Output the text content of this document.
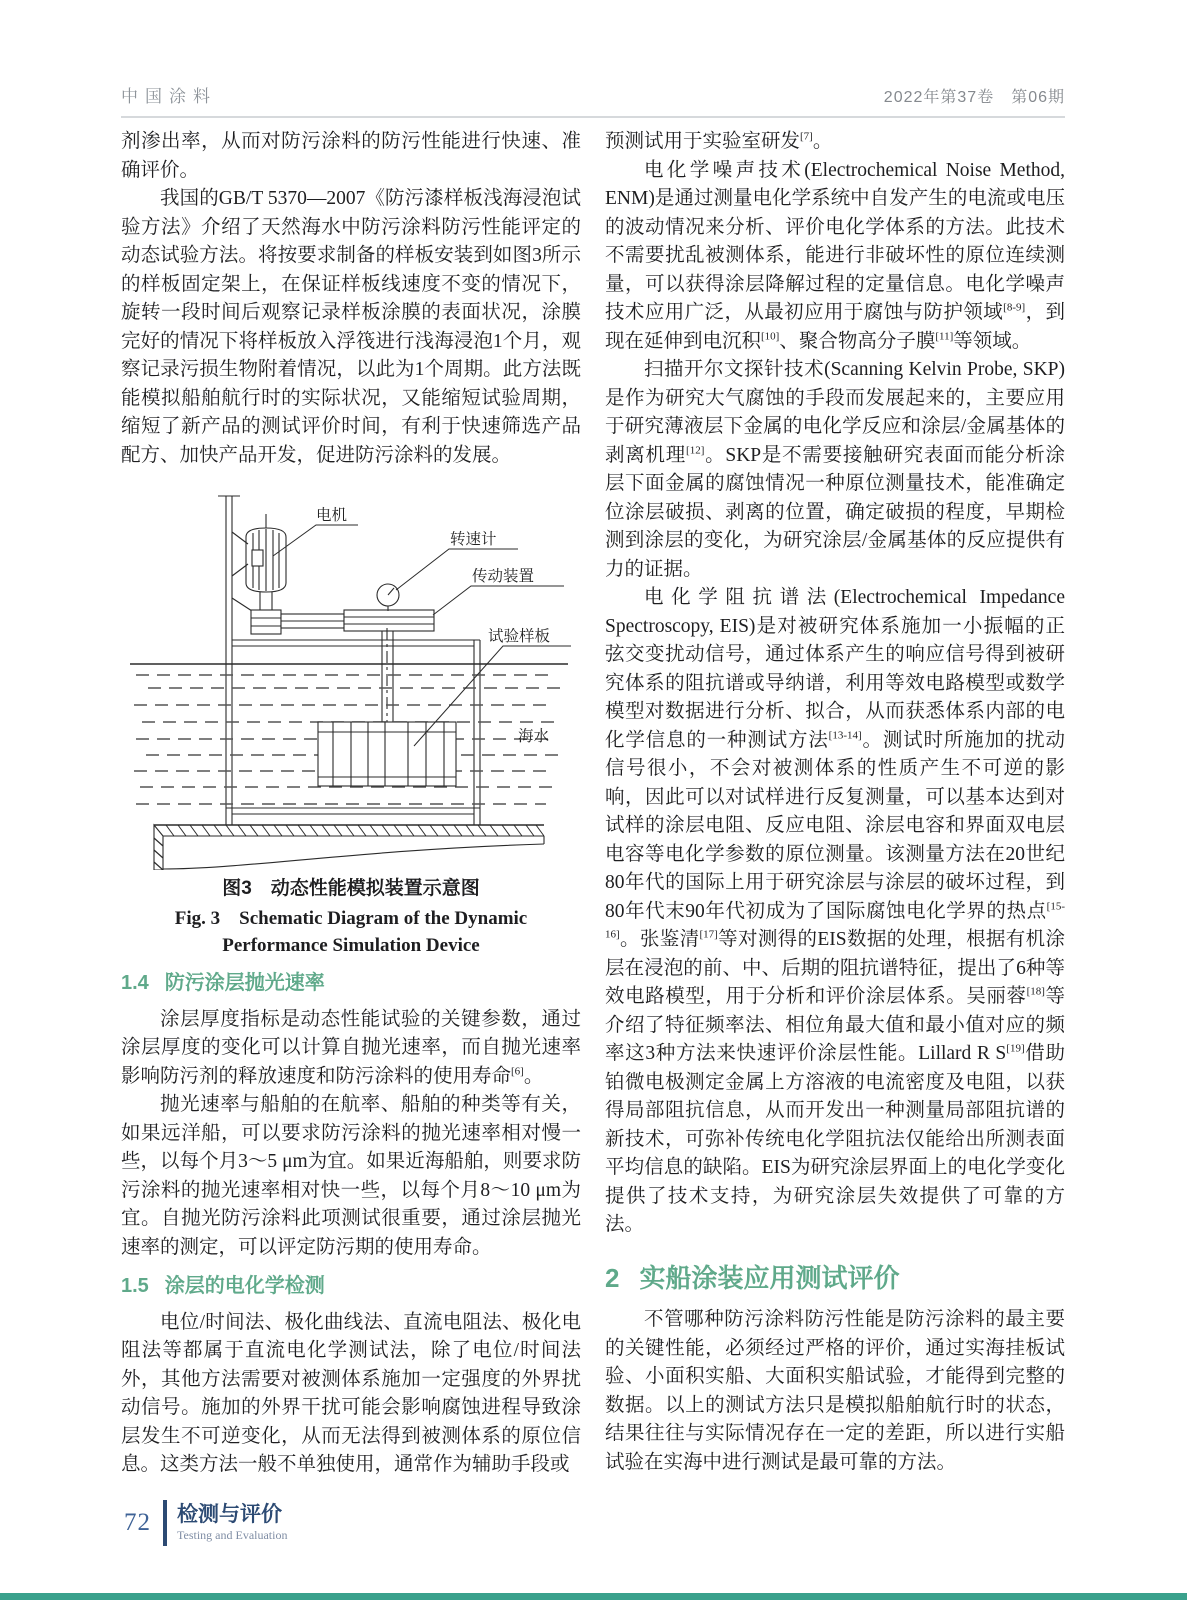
中国涂料	2022年第37卷　第06期

剂渗出率，从而对防污涂料的防污性能进行快速、准确评价。

我国的GB/T 5370—2007《防污漆样板浅海浸泡试验方法》介绍了天然海水中防污涂料防污性能评定的动态试验方法。将按要求制备的样板安装到如图3所示的样板固定架上，在保证样板线速度不变的情况下，旋转一段时间后观察记录样板涂膜的表面状况，涂膜完好的情况下将样板放入浮筏进行浅海浸泡1个月，观察记录污损生物附着情况，以此为1个周期。此方法既能模拟船舶航行时的实际状况，又能缩短试验周期，缩短了新产品的测试评价时间，有利于快速筛选产品配方、加快产品开发，促进防污涂料的发展。

电机
转速计
传动装置
试验样板
海水
图3　动态性能模拟装置示意图
Fig. 3　Schematic Diagram of the Dynamic Performance Simulation Device
1.4 防污涂层抛光速率

涂层厚度指标是动态性能试验的关键参数，通过涂层厚度的变化可以计算自抛光速率，而自抛光速率影响防污剂的释放速度和防污涂料的使用寿命[6]。

抛光速率与船舶的在航率、船舶的种类等有关，如果远洋船，可以要求防污涂料的抛光速率相对慢一些，以每个月3～5 μm为宜。如果近海船舶，则要求防污涂料的抛光速率相对快一些，以每个月8～10 μm为宜。自抛光防污涂料此项测试很重要，通过涂层抛光速率的测定，可以评定防污期的使用寿命。

1.5 涂层的电化学检测

电位/时间法、极化曲线法、直流电阻法、极化电阻法等都属于直流电化学测试法，除了电位/时间法外，其他方法需要对被测体系施加一定强度的外界扰动信号。施加的外界干扰可能会影响腐蚀进程导致涂层发生不可逆变化，从而无法得到被测体系的原位信息。这类方法一般不单独使用，通常作为辅助手段或

预测试用于实验室研发[7]。

电化学噪声技术(Electrochemical Noise Method, ENM)是通过测量电化学系统中自发产生的电流或电压的波动情况来分析、评价电化学体系的方法。此技术不需要扰乱被测体系，能进行非破坏性的原位连续测量，可以获得涂层降解过程的定量信息。电化学噪声技术应用广泛，从最初应用于腐蚀与防护领域[8-9]，到现在延伸到电沉积[10]、聚合物高分子膜[11]等领域。

扫描开尔文探针技术(Scanning Kelvin Probe, SKP)是作为研究大气腐蚀的手段而发展起来的，主要应用于研究薄液层下金属的电化学反应和涂层/金属基体的剥离机理[12]。SKP是不需要接触研究表面而能分析涂层下面金属的腐蚀情况一种原位测量技术，能准确定位涂层破损、剥离的位置，确定破损的程度，早期检测到涂层的变化，为研究涂层/金属基体的反应提供有力的证据。

电化学阻抗谱法(Electrochemical Impedance Spectroscopy, EIS)是对被研究体系施加一小振幅的正弦交变扰动信号，通过体系产生的响应信号得到被研究体系的阻抗谱或导纳谱，利用等效电路模型或数学模型对数据进行分析、拟合，从而获悉体系内部的电化学信息的一种测试方法[13-14]。测试时所施加的扰动信号很小，不会对被测体系的性质产生不可逆的影响，因此可以对试样进行反复测量，可以基本达到对试样的涂层电阻、反应电阻、涂层电容和界面双电层电容等电化学参数的原位测量。该测量方法在20世纪80年代的国际上用于研究涂层与涂层的破坏过程，到80年代末90年代初成为了国际腐蚀电化学界的热点[15-16]。张鉴清[17]等对测得的EIS数据的处理，根据有机涂层在浸泡的前、中、后期的阻抗谱特征，提出了6种等效电路模型，用于分析和评价涂层体系。吴丽蓉[18]等介绍了特征频率法、相位角最大值和最小值对应的频率这3种方法来快速评价涂层性能。Lillard R S[19]借助铂微电极测定金属上方溶液的电流密度及电阻，以获得局部阻抗信息，从而开发出一种测量局部阻抗谱的新技术，可弥补传统电化学阻抗法仅能给出所测表面平均信息的缺陷。EIS为研究涂层界面上的电化学变化提供了技术支持，为研究涂层失效提供了可靠的方法。

2 实船涂装应用测试评价

不管哪种防污涂料防污性能是防污涂料的最主要的关键性能，必须经过严格的评价，通过实海挂板试验、小面积实船、大面积实船试验，才能得到完整的数据。以上的测试方法只是模拟船舶航行时的状态，结果往往与实际情况存在一定的差距，所以进行实船试验在实海中进行测试是最可靠的方法。

72 检测与评价
Testing and Evaluation
